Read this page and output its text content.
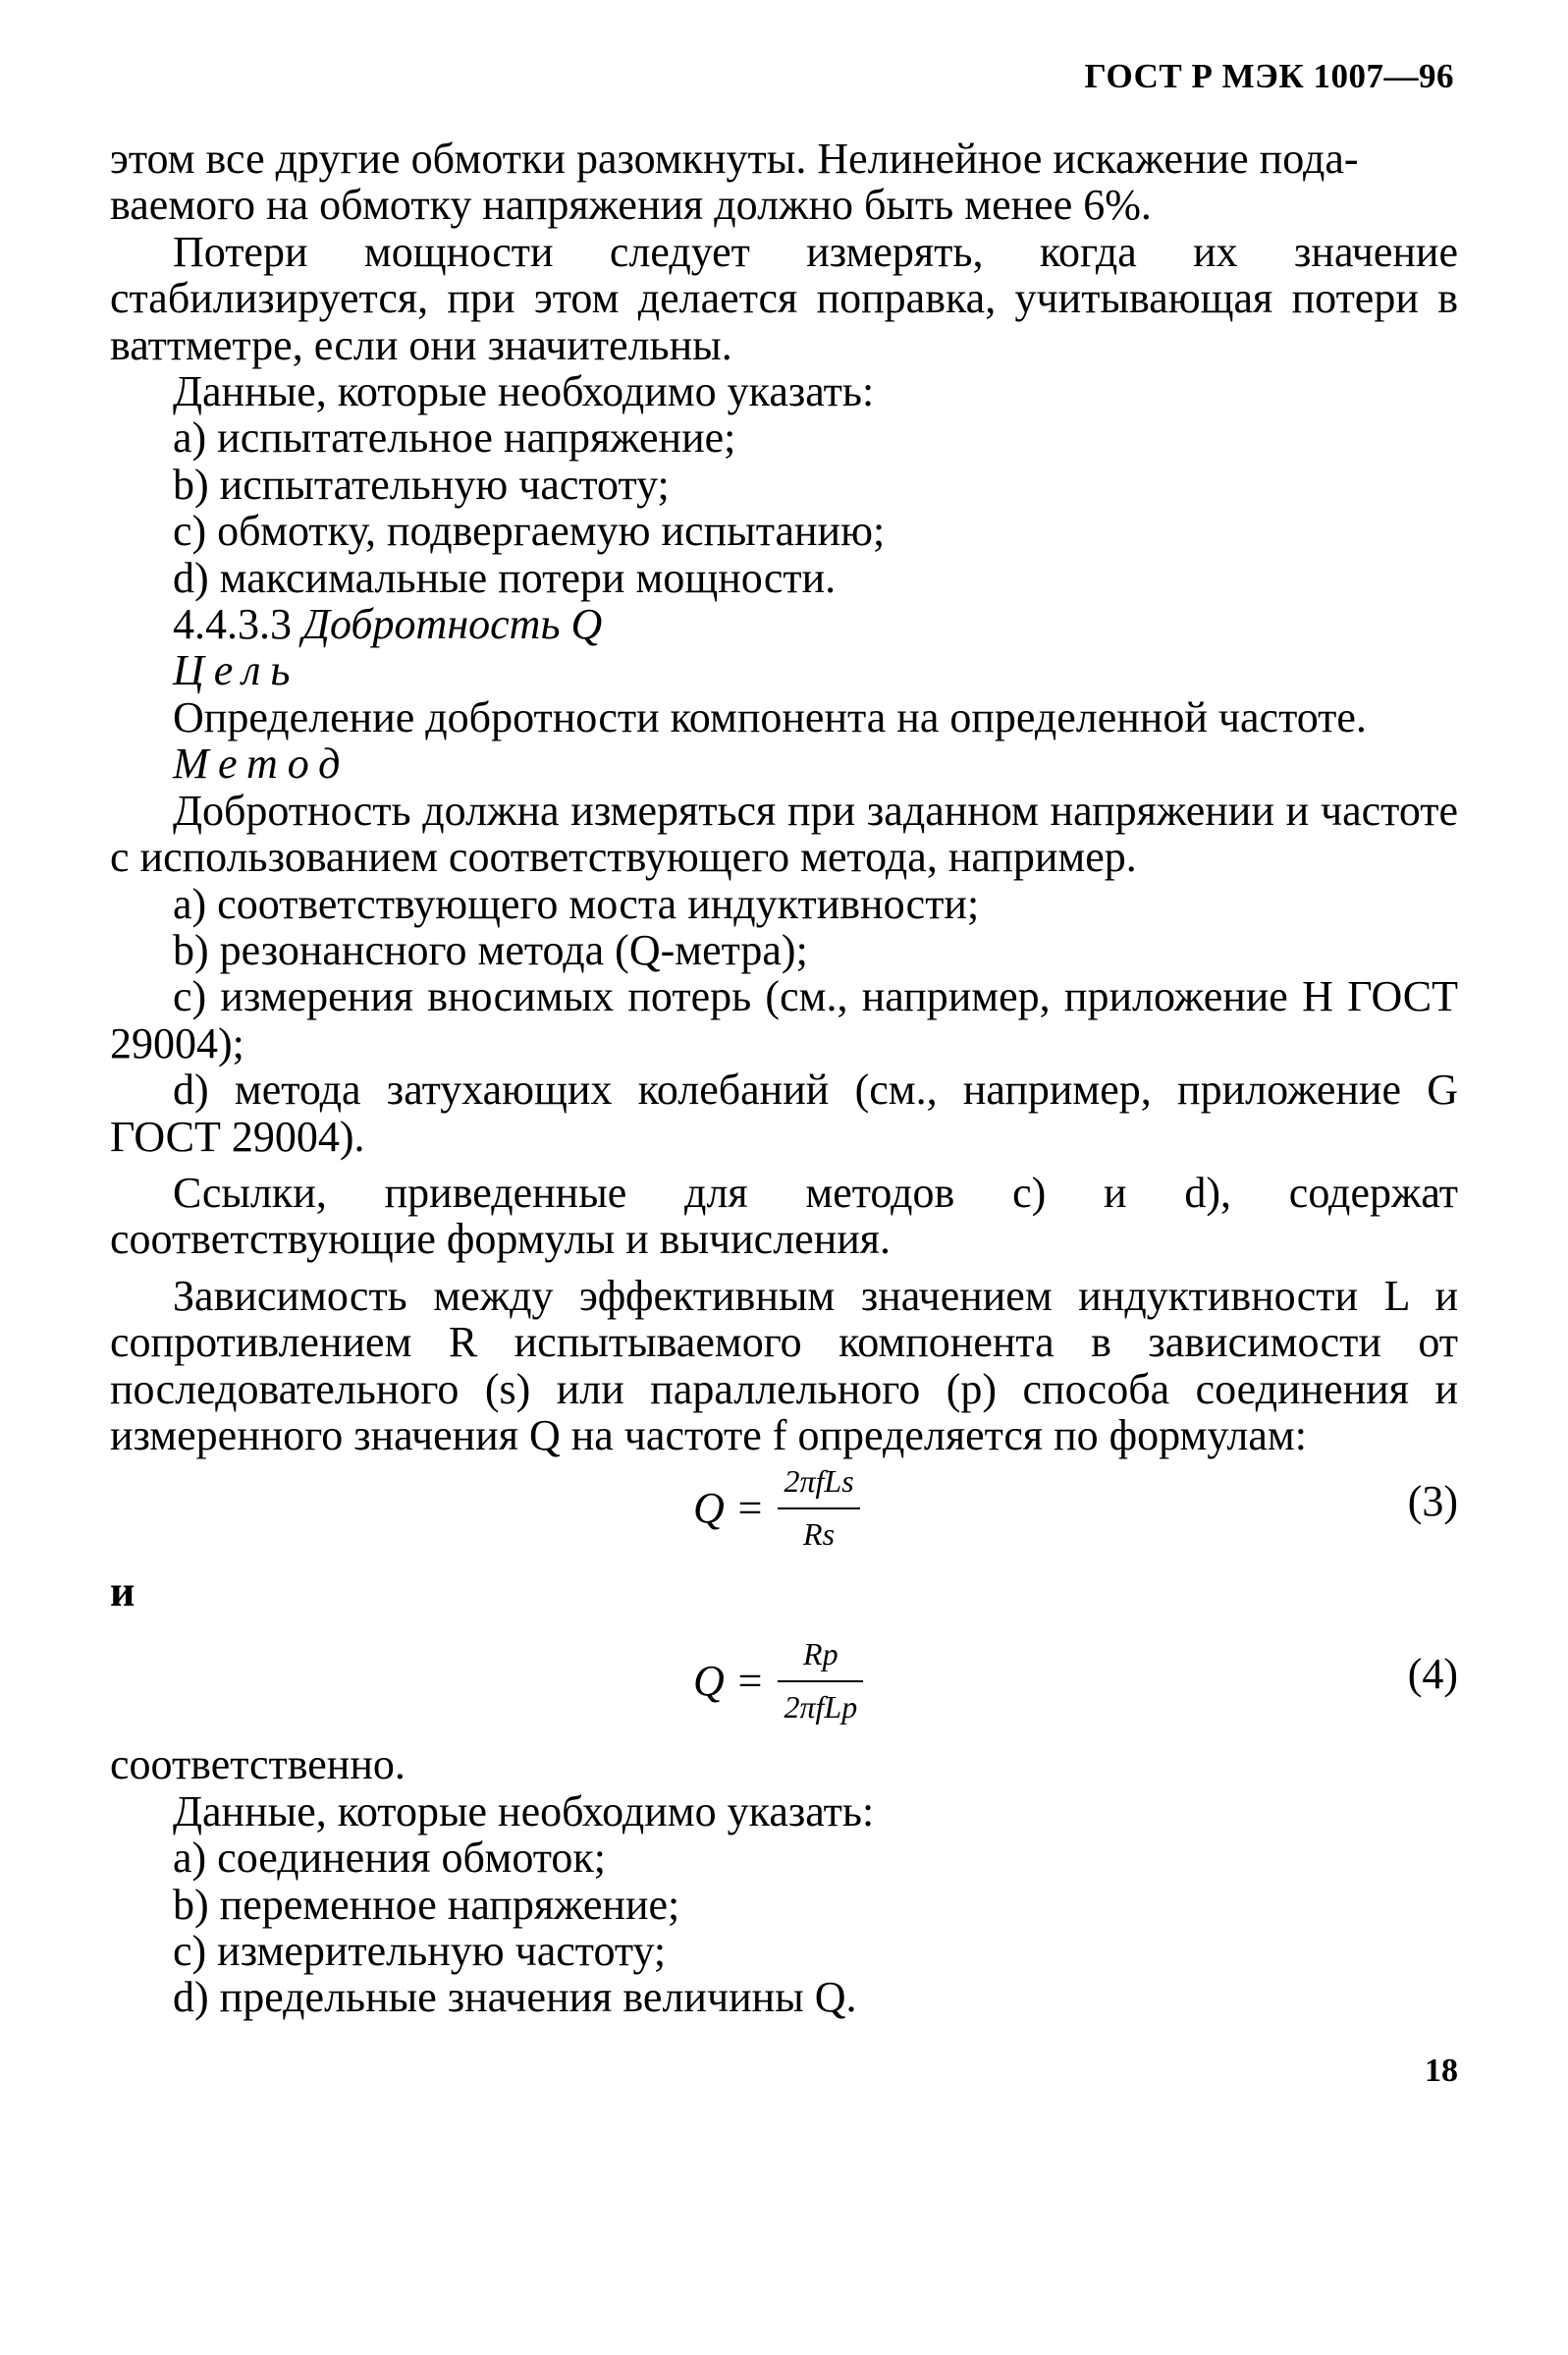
ГОСТ Р МЭК 1007—96
этом все другие обмотки разомкнуты. Нелинейное искажение пода-
ваемого на обмотку напряжения должно быть менее 6%.

Потери мощности следует измерять, когда их значение стабилизируется, при этом делается поправка, учитывающая потери в ваттметре, если они значительны.

Данные, которые необходимо указать:
a) испытательное напряжение;
b) испытательную частоту;
c) обмотку, подвергаемую испытанию;
d) максимальные потери мощности.
4.4.3.3 Добротность Q
Цель
Определение добротности компонента на определенной частоте.
Метод

Добротность должна измеряться при заданном напряжении и частоте с использованием соответствующего метода, например.

a) соответствующего моста индуктивности;
b) резонансного метода (Q-метра);

c) измерения вносимых потерь (см., например, приложение Н ГОСТ 29004);

d) метода затухающих колебаний (см., например, приложение G ГОСТ 29004).

Ссылки, приведенные для методов c) и d), содержат соответствующие формулы и вычисления.

Зависимость между эффективным значением индуктивности L и сопротивлением R испытываемого компонента в зависимости от последовательного (s) или параллельного (p) способа соединения и измеренного значения Q на частоте f определяется по формулам:

$Q = \frac{\text{2πfLs}}{Rs}$	(3)
и
$Q = \frac{Rp}{\text{2πfLp}}$	(4)
соответственно.
Данные, которые необходимо указать:
a) соединения обмоток;
b) переменное напряжение;
c) измерительную частоту;
d) предельные значения величины Q.
18
